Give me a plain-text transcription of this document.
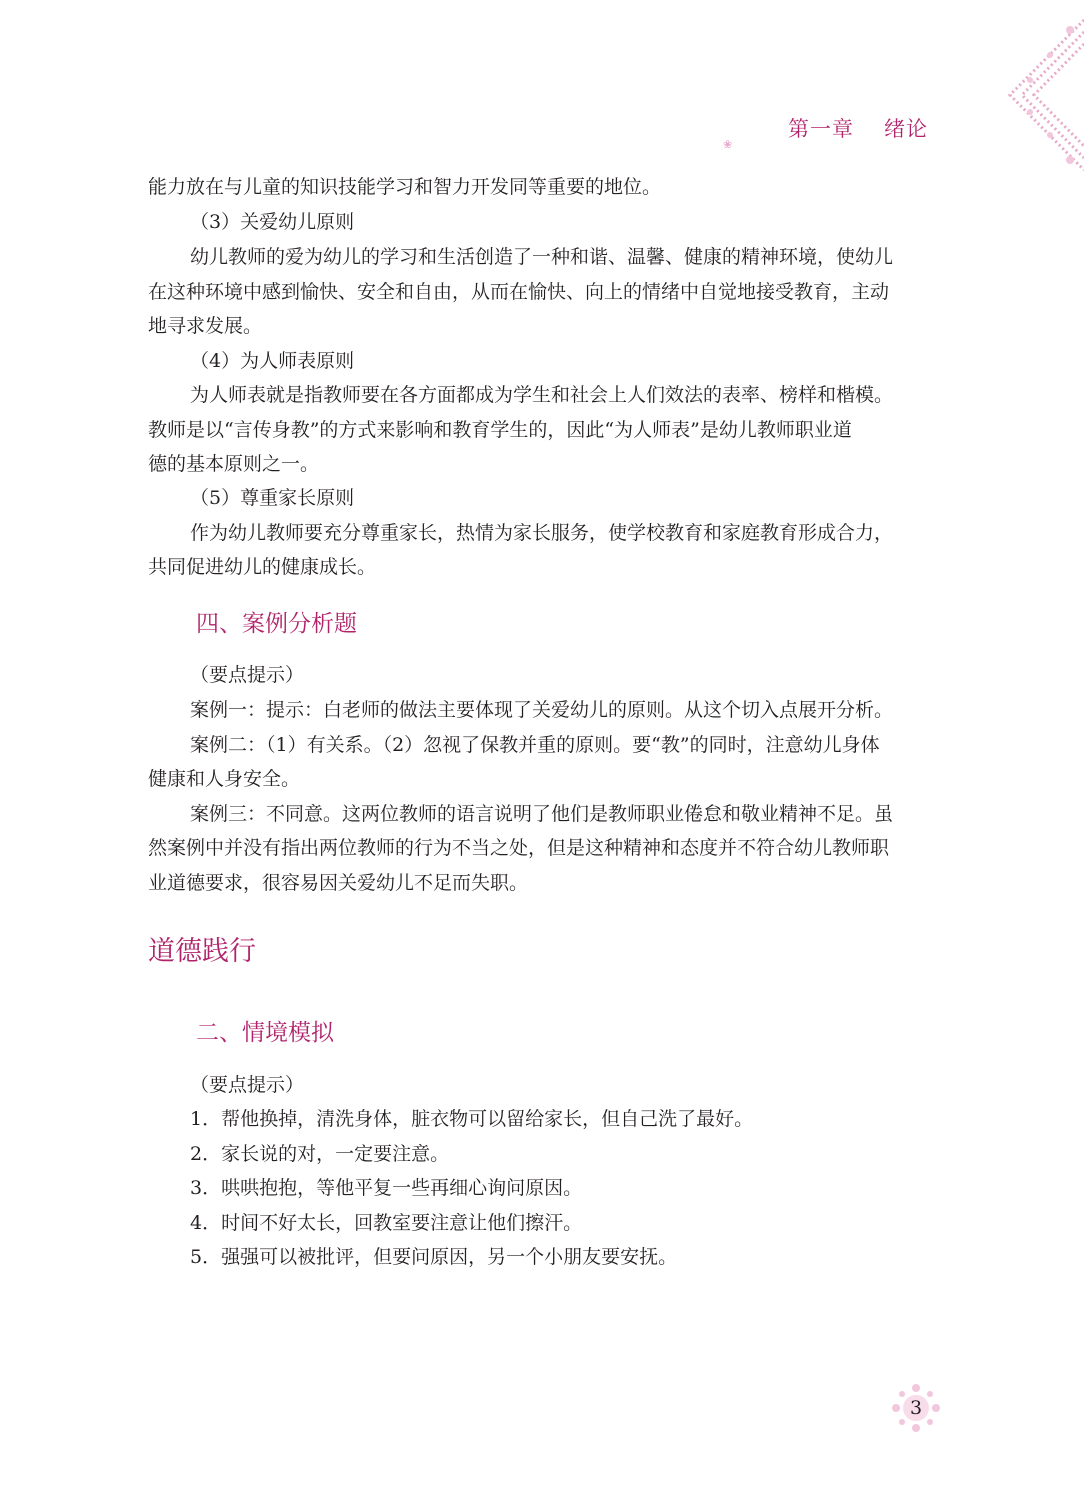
❀
第一章 绪论
能力放在与儿童的知识技能学习和智力开发同等重要的地位。
（3）关爱幼儿原则
幼儿教师的爱为幼儿的学习和生活创造了一种和谐、温馨、健康的精神环境，使幼儿
在这种环境中感到愉快、安全和自由，从而在愉快、向上的情绪中自觉地接受教育，主动
地寻求发展。
（4）为人师表原则
为人师表就是指教师要在各方面都成为学生和社会上人们效法的表率、榜样和楷模。
教师是以“言传身教”的方式来影响和教育学生的，因此“为人师表”是幼儿教师职业道
德的基本原则之一。
（5）尊重家长原则
作为幼儿教师要充分尊重家长，热情为家长服务，使学校教育和家庭教育形成合力，
共同促进幼儿的健康成长。
四、案例分析题
（要点提示）
案例一：提示：白老师的做法主要体现了关爱幼儿的原则。从这个切入点展开分析。
案例二：（1）有关系。（2）忽视了保教并重的原则。要“教”的同时，注意幼儿身体
健康和人身安全。
案例三：不同意。这两位教师的语言说明了他们是教师职业倦怠和敬业精神不足。虽
然案例中并没有指出两位教师的行为不当之处，但是这种精神和态度并不符合幼儿教师职
业道德要求，很容易因关爱幼儿不足而失职。
道德践行
二、情境模拟
（要点提示）
1．帮他换掉，清洗身体，脏衣物可以留给家长，但自己洗了最好。
2．家长说的对，一定要注意。
3．哄哄抱抱，等他平复一些再细心询问原因。
4．时间不好太长，回教室要注意让他们擦汗。
5．强强可以被批评，但要问原因，另一个小朋友要安抚。
3
